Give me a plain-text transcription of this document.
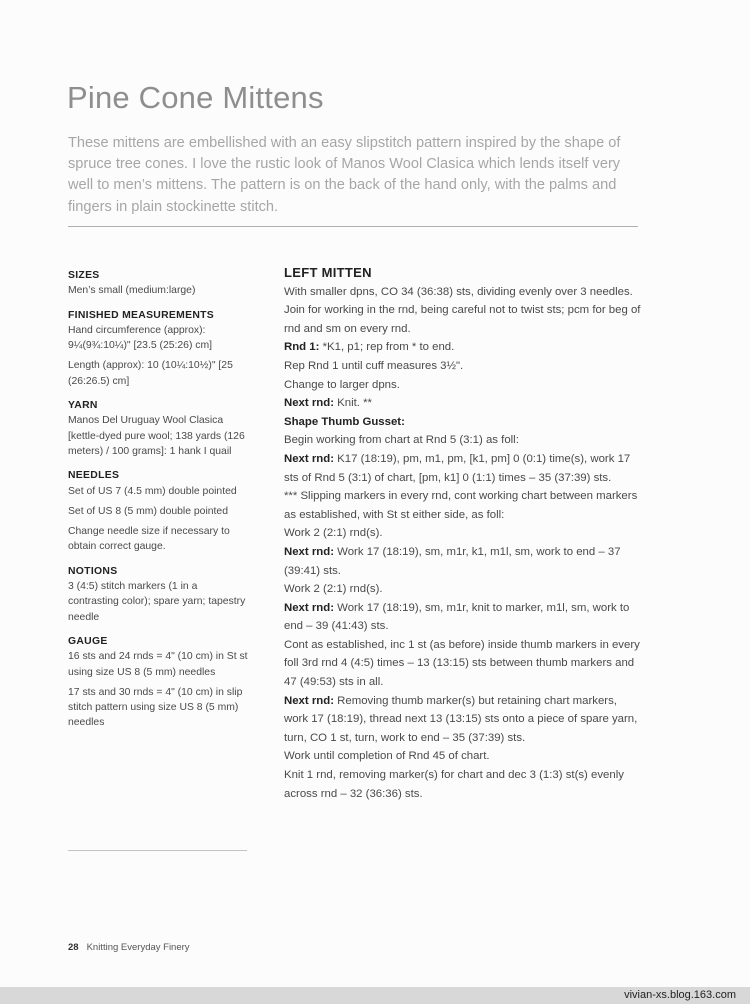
Pine Cone Mittens

These mittens are embellished with an easy slipstitch pattern inspired by the shape of spruce tree cones. I love the rustic look of Manos Wool Clasica which lends itself very well to men’s mittens. The pattern is on the back of the hand only, with the palms and fingers in plain stockinette stitch.

SIZES

Men’s small (medium:large)

FINISHED MEASUREMENTS

Hand circumference (approx): 9¼(9¾:10¼)" [23.5 (25:26) cm]

Length (approx): 10 (10¼:10½)" [25 (26:26.5) cm]

YARN

Manos Del Uruguay Wool Clasica [kettle-dyed pure wool; 138 yards (126 meters) / 100 grams]: 1 hank I quail

NEEDLES

Set of US 7 (4.5 mm) double pointed

Set of US 8 (5 mm) double pointed

Change needle size if necessary to obtain correct gauge.

NOTIONS

3 (4:5) stitch markers (1 in a contrasting color); spare yarn; tapestry needle

GAUGE

16 sts and 24 rnds = 4" (10 cm) in St st using size US 8 (5 mm) needles

17 sts and 30 rnds = 4" (10 cm) in slip stitch pattern using size US 8 (5 mm) needles

LEFT MITTEN

With smaller dpns, CO 34 (36:38) sts, dividing evenly over 3 needles.

Join for working in the rnd, being careful not to twist sts; pcm for beg of rnd and sm on every rnd.

Rnd 1: *K1, p1; rep from * to end.

Rep Rnd 1 until cuff measures 3½".

Change to larger dpns.

Next rnd: Knit. **

Shape Thumb Gusset:

Begin working from chart at Rnd 5 (3:1) as foll:

Next rnd: K17 (18:19), pm, m1, pm, [k1, pm] 0 (0:1) time(s), work 17 sts of Rnd 5 (3:1) of chart, [pm, k1] 0 (1:1) times – 35 (37:39) sts.

*** Slipping markers in every rnd, cont working chart between markers as established, with St st either side, as foll:

Work 2 (2:1) rnd(s).

Next rnd: Work 17 (18:19), sm, m1r, k1, m1l, sm, work to end – 37 (39:41) sts.

Work 2 (2:1) rnd(s).

Next rnd: Work 17 (18:19), sm, m1r, knit to marker, m1l, sm, work to end – 39 (41:43) sts.

Cont as established, inc 1 st (as before) inside thumb markers in every foll 3rd rnd 4 (4:5) times – 13 (13:15) sts between thumb markers and 47 (49:53) sts in all.

Next rnd: Removing thumb marker(s) but retaining chart markers, work 17 (18:19), thread next 13 (13:15) sts onto a piece of spare yarn, turn, CO 1 st, turn, work to end – 35 (37:39) sts.

Work until completion of Rnd 45 of chart.

Knit 1 rnd, removing marker(s) for chart and dec 3 (1:3) st(s) evenly across rnd – 32 (36:36) sts.

28 Knitting Everyday Finery
vivian-xs.blog.163.com
